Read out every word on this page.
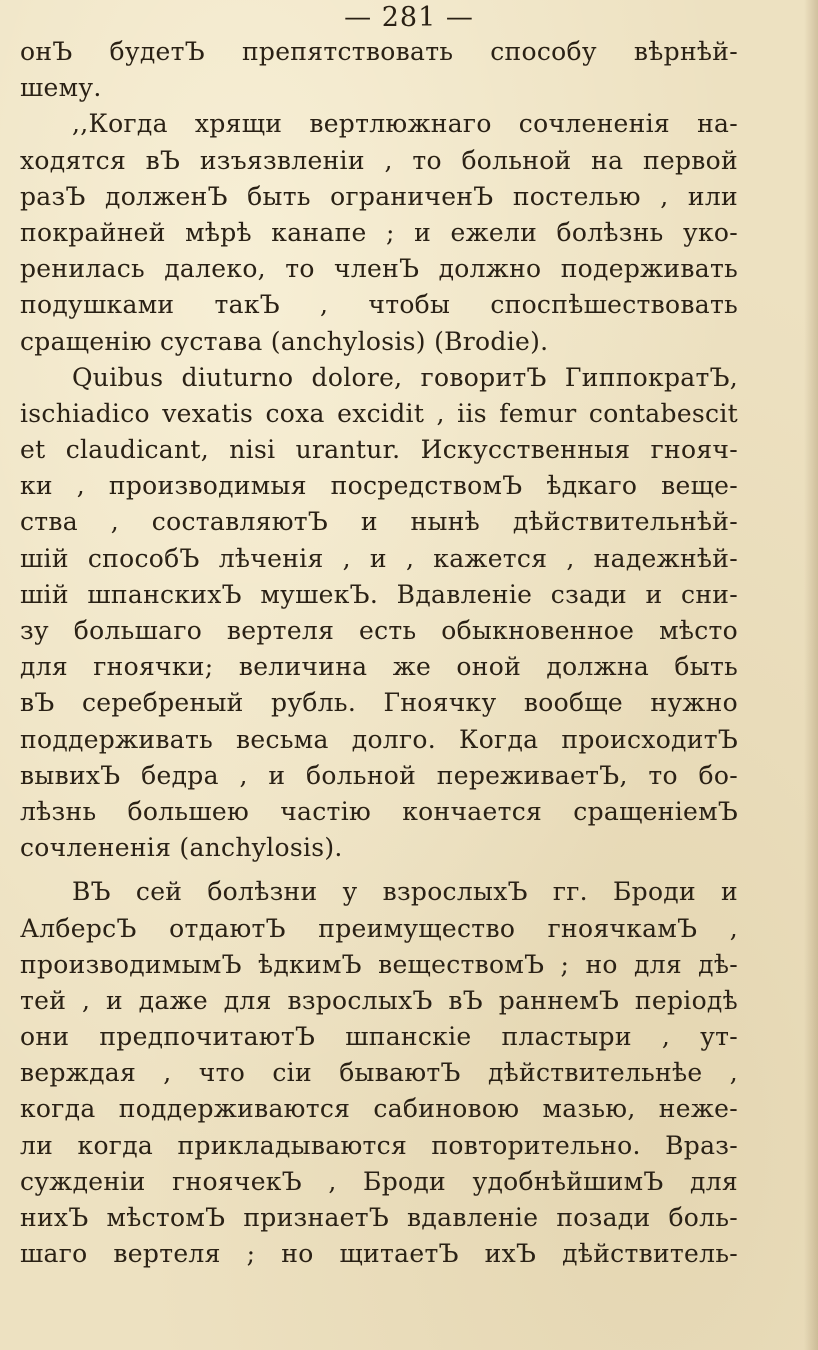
— 281 —
онЪ будетЪ препятствовать способу вѣрнѣй-
шему.
,,Когда хрящи вертлюжнаго сочлененія на-
ходятся вЪ изъязвленіи , то больной на первой
разЪ долженЪ быть ограниченЪ постелью , или
покрайней мѣрѣ канапе ; и ежели болѣзнь уко-
ренилась далеко, то членЪ должно подерживать
подушками такЪ , чтобы споспѣшествовать
сращенію сустава (anchylosis) (Brodie).
Quibus diuturno dolore, говоритЪ ГиппократЪ,
ischiadico vexatis coxa excidit , iis femur contabescit
et claudicant, nisi urantur. Искусственныя гнояч-
ки , производимыя посредствомЪ ѣдкаго веще-
ства , составляютЪ и нынѣ дѣйствительнѣй-
шій способЪ лѣченія , и , кажется , надежнѣй-
шій шпанскихЪ мушекЪ. Вдавленіе сзади и сни-
зу большаго вертеля есть обыкновенное мѣсто
для гноячки; величина же оной должна быть
вЪ серебреный рубль. Гноячку вообще нужно
поддерживать весьма долго. Когда происходитЪ
вывихЪ бедра , и больной переживаетЪ, то бо-
лѣзнь большею частію кончается сращеніемЪ
сочлененія (anchylosis).
ВЪ сей болѣзни у взрослыхЪ гг. Броди и
АлберсЪ отдаютЪ преимущество гноячкамЪ ,
производимымЪ ѣдкимЪ веществомЪ ; но для дѣ-
тей , и даже для взрослыхЪ вЪ раннемЪ періодѣ
они предпочитаютЪ шпанскіе пластыри , ут-
верждая , что сіи бываютЪ дѣйствительнѣе ,
когда поддерживаются сабиновою мазью, неже-
ли когда прикладываются повторительно. Враз-
сужденіи гноячекЪ , Броди удобнѣйшимЪ для
нихЪ мѣстомЪ признаетЪ вдавленіе позади боль-
шаго вертеля ; но щитаетЪ ихЪ дѣйствитель-
